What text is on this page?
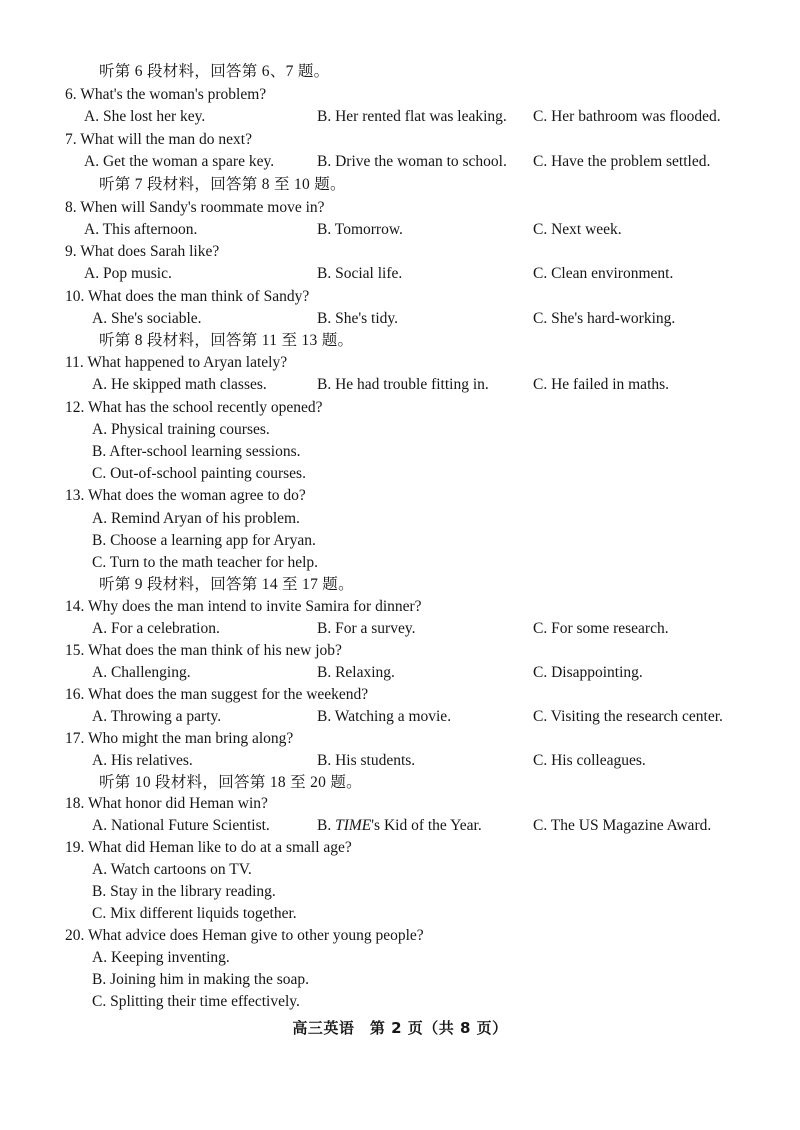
听第 6 段材料，回答第 6、7 题。
6. What's the woman's problem?
A. She lost her key.	B. Her rented flat was leaking. C. Her bathroom was flooded.
7. What will the man do next?
A. Get the woman a spare key.	B. Drive the woman to school. C. Have the problem settled.
听第 7 段材料，回答第 8 至 10 题。
8. When will Sandy's roommate move in?
A. This afternoon.	B. Tomorrow.	C. Next week.
9. What does Sarah like?
A. Pop music.	B. Social life.	C. Clean environment.
10. What does the man think of Sandy?
A. She's sociable.	B. She's tidy.	C. She's hard-working.
听第 8 段材料，回答第 11 至 13 题。
11. What happened to Aryan lately?
A. He skipped math classes.	B. He had trouble fitting in.	C. He failed in maths.
12. What has the school recently opened?
A. Physical training courses.
B. After-school learning sessions.
C. Out-of-school painting courses.
13. What does the woman agree to do?
A. Remind Aryan of his problem.
B. Choose a learning app for Aryan.
C. Turn to the math teacher for help.
听第 9 段材料，回答第 14 至 17 题。
14. Why does the man intend to invite Samira for dinner?
A. For a celebration.	B. For a survey.	C. For some research.
15. What does the man think of his new job?
A. Challenging.	B. Relaxing.	C. Disappointing.
16. What does the man suggest for the weekend?
A. Throwing a party.	B. Watching a movie.	C. Visiting the research center.
17. Who might the man bring along?
A. His relatives.	B. His students.	C. His colleagues.
听第 10 段材料，回答第 18 至 20 题。
18. What honor did Heman win?
A. National Future Scientist.	B. TIME's Kid of the Year.	C. The US Magazine Award.
19. What did Heman like to do at a small age?
A. Watch cartoons on TV.
B. Stay in the library reading.
C. Mix different liquids together.
20. What advice does Heman give to other young people?
A. Keeping inventing.
B. Joining him in making the soap.
C. Splitting their time effectively.
高三英语　第 2 页（共 8 页）
